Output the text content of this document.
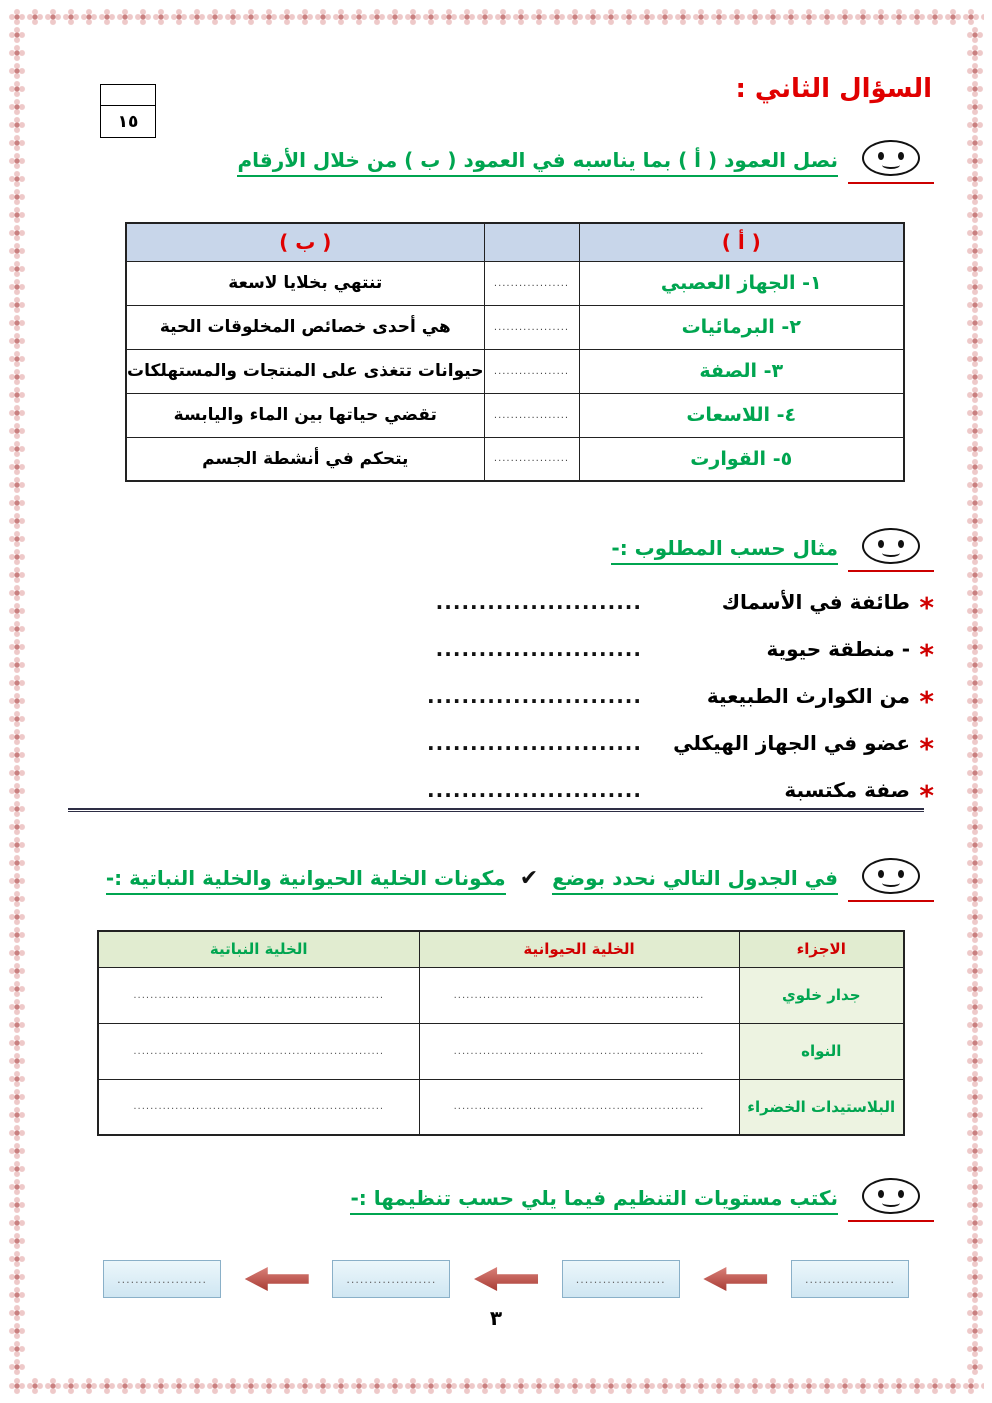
١٥
السؤال الثاني :
نصل العمود ( أ ) بما يناسبه في العمود ( ب ) من خلال الأرقام
( أ )		( ب )
١- الجهاز العصبي	..................	تنتهي بخلايا لاسعة
٢- البرمائيات	..................	هي أحدى خصائص المخلوقات الحية
٣- الصفة	..................	حيوانات تتغذى على المنتجات والمستهلكات
٤- اللاسعات	..................	تقضي حياتها بين الماء واليابسة
٥- القوارت	..................	يتحكم في أنشطة الجسم
مثال حسب المطلوب :-
*
طائفة في الأسماك
........................
*
- منطقة حيوية
........................
*
من الكوارث الطبيعية
.........................
*
عضو في الجهاز الهيكلي
.........................
*
صفة مكتسبة
.........................
في الجدول التالي نحدد بوضع
✔
مكونات الخلية الحيوانية والخلية النباتية :-
الاجزاء	الخلية الحيوانية	الخلية النباتية
جدار خلوي	............................................................	............................................................
النواه	............................................................	............................................................
البلاستيدات الخضراء	............................................................	............................................................
نكتب مستويات التنظيم فيما يلي حسب تنظيمها :-
....................
....................
....................
....................
٣
